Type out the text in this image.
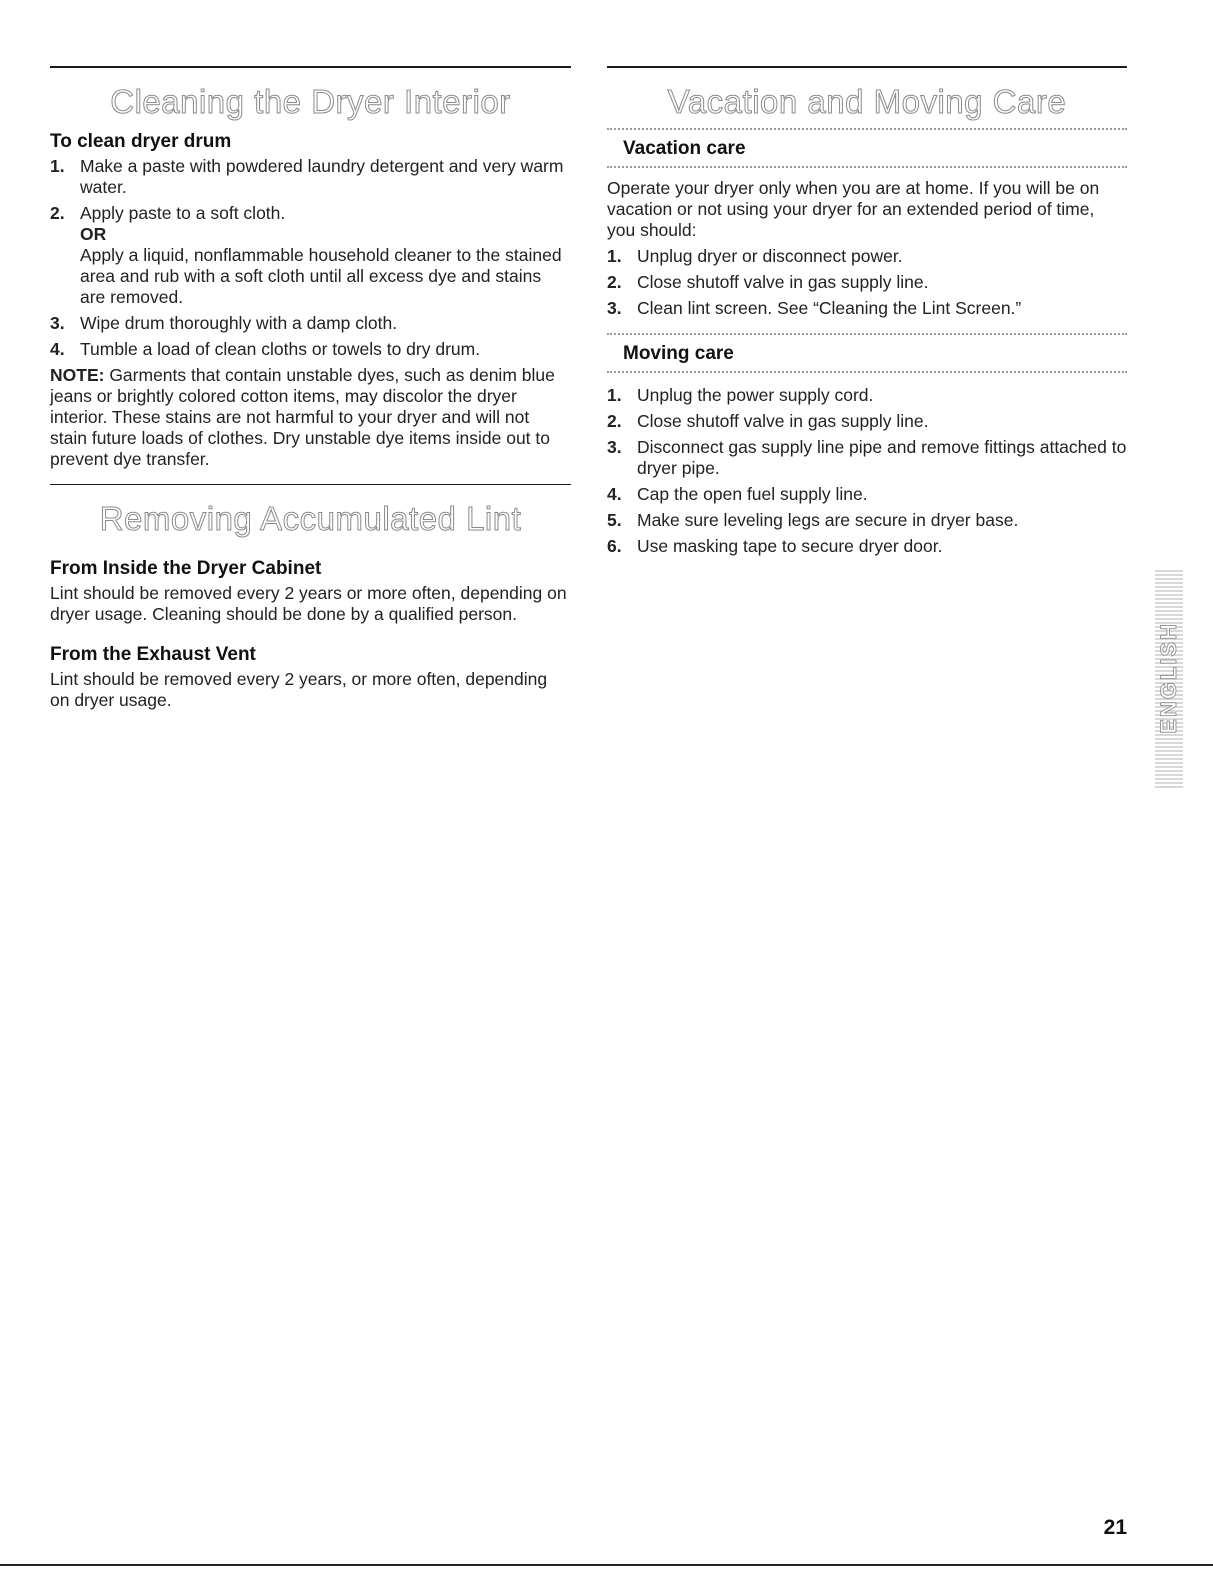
Cleaning the Dryer Interior
To clean dryer drum
1. Make a paste with powdered laundry detergent and very warm water.
2. Apply paste to a soft cloth.
OR
Apply a liquid, nonflammable household cleaner to the stained area and rub with a soft cloth until all excess dye and stains are removed.
3. Wipe drum thoroughly with a damp cloth.
4. Tumble a load of clean cloths or towels to dry drum.

NOTE: Garments that contain unstable dyes, such as denim blue jeans or brightly colored cotton items, may discolor the dryer interior. These stains are not harmful to your dryer and will not stain future loads of clothes. Dry unstable dye items inside out to prevent dye transfer.

Removing Accumulated Lint
From Inside the Dryer Cabinet

Lint should be removed every 2 years or more often, depending on dryer usage. Cleaning should be done by a qualified person.

From the Exhaust Vent

Lint should be removed every 2 years, or more often, depending on dryer usage.

Vacation and Moving Care
Vacation care

Operate your dryer only when you are at home. If you will be on vacation or not using your dryer for an extended period of time, you should:

1. Unplug dryer or disconnect power.
2. Close shutoff valve in gas supply line.
3. Clean lint screen. See “Cleaning the Lint Screen.”
Moving care
1. Unplug the power supply cord.
2. Close shutoff valve in gas supply line.
3. Disconnect gas supply line pipe and remove fittings attached to dryer pipe.
4. Cap the open fuel supply line.
5. Make sure leveling legs are secure in dryer base.
6. Use masking tape to secure dryer door.
ENGLISH
21
